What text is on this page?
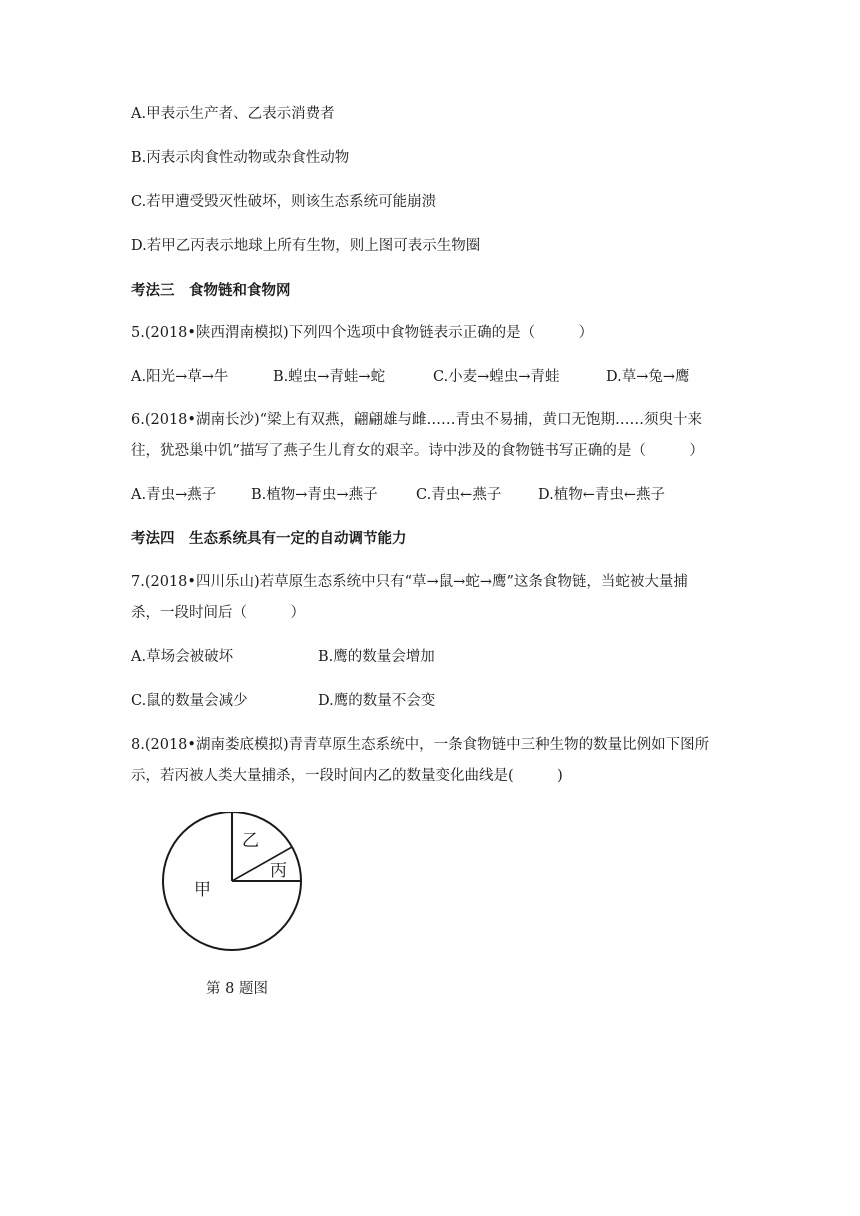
A.甲表示生产者、乙表示消费者
B.丙表示肉食性动物或杂食性动物
C.若甲遭受毁灭性破坏，则该生态系统可能崩溃
D.若甲乙丙表示地球上所有生物，则上图可表示生物圈
考法三　食物链和食物网
5.(2018•陕西渭南模拟)下列四个选项中食物链表示正确的是（　　　）
A.阳光→草→牛	B.蝗虫→青蛙→蛇	C.小麦→蝗虫→青蛙	D.草→兔→鹰
6.(2018•湖南长沙)“梁上有双燕，翩翩雄与雌……青虫不易捕，黄口无饱期……须臾十来
往，犹恐巢中饥”描写了燕子生儿育女的艰辛。诗中涉及的食物链书写正确的是（　　　）
A.青虫→燕子 B.植物→青虫→燕子	C.青虫←燕子	D.植物←青虫←燕子
考法四　生态系统具有一定的自动调节能力
7.(2018•四川乐山)若草原生态系统中只有“草→鼠→蛇→鹰”这条食物链，当蛇被大量捕
杀，一段时间后（　　　）
A.草场会被破坏	B.鹰的数量会增加
C.鼠的数量会减少	D.鹰的数量不会变
8.(2018•湖南娄底模拟)青青草原生态系统中，一条食物链中三种生物的数量比例如下图所
示，若丙被人类大量捕杀，一段时间内乙的数量变化曲线是(　　　)
甲
乙
丙
第 8 题图
